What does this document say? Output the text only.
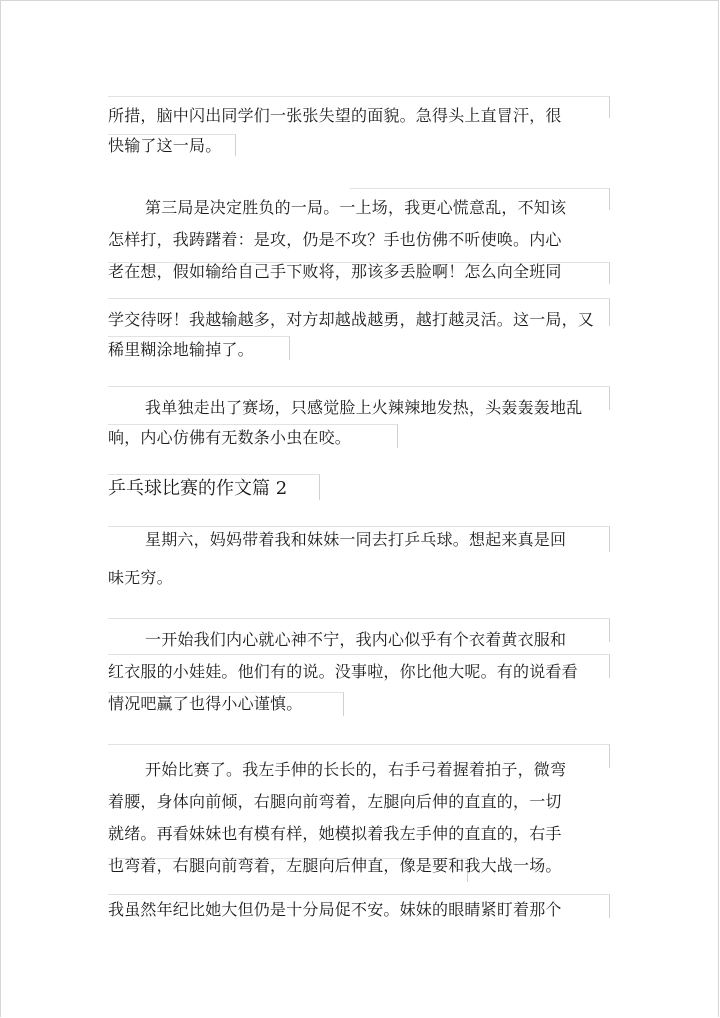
所措，脑中闪出同学们一张张失望的面貌。急得头上直冒汗，很
快输了这一局。
第三局是决定胜负的一局。一上场，我更心慌意乱，不知该
怎样打，我踌躇着：是攻，仍是不攻？手也仿佛不听使唤。内心
老在想，假如输给自己手下败将，那该多丢脸啊！怎么向全班同
学交待呀！我越输越多，对方却越战越勇，越打越灵活。这一局，又
稀里糊涂地输掉了。
我单独走出了赛场，只感觉脸上火辣辣地发热，头轰轰轰地乱
响，内心仿佛有无数条小虫在咬。
乒乓球比赛的作文篇 2
星期六，妈妈带着我和妹妹一同去打乒乓球。想起来真是回
味无穷。
一开始我们内心就心神不宁，我内心似乎有个衣着黄衣服和
红衣服的小娃娃。他们有的说。没事啦，你比他大呢。有的说看看
情况吧赢了也得小心谨慎。
开始比赛了。我左手伸的长长的，右手弓着握着拍子，微弯
着腰，身体向前倾，右腿向前弯着，左腿向后伸的直直的，一切
就绪。再看妹妹也有模有样，她模拟着我左手伸的直直的，右手
也弯着，右腿向前弯着，左腿向后伸直，像是要和我大战一场。
我虽然年纪比她大但仍是十分局促不安。妹妹的眼睛紧盯着那个
